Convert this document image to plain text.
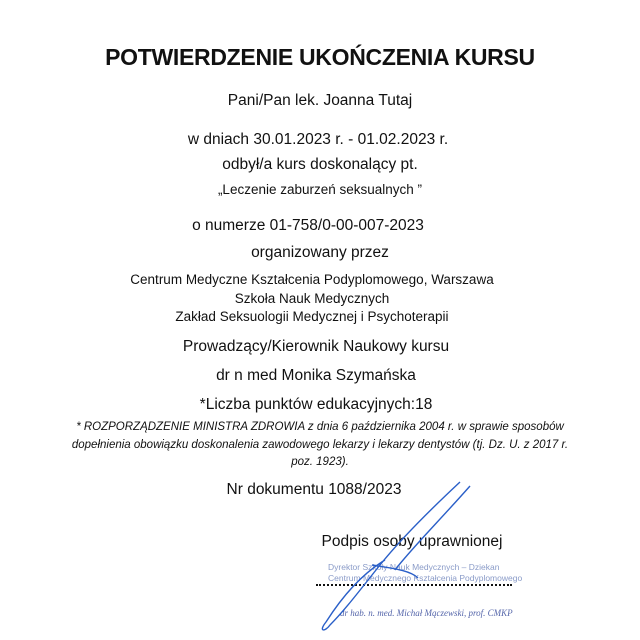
POTWIERDZENIE UKOŃCZENIA KURSU
Pani/Pan lek. Joanna Tutaj
w dniach 30.01.2023 r. - 01.02.2023 r.
odbył/a kurs doskonalący pt.
„Leczenie zaburzeń seksualnych ”
o numerze 01-758/0-00-007-2023
organizowany przez
Centrum Medyczne Kształcenia Podyplomowego, Warszawa
Szkoła Nauk Medycznych
Zakład Seksuologii Medycznej i Psychoterapii
Prowadzący/Kierownik Naukowy kursu
dr n med Monika Szymańska
*Liczba punktów edukacyjnych:18
* ROZPORZĄDZENIE MINISTRA ZDROWIA z dnia 6 października 2004 r. w sprawie sposobów
dopełnienia obowiązku doskonalenia zawodowego lekarzy i lekarzy dentystów (tj. Dz. U. z 2017 r.
poz. 1923).
Nr dokumentu 1088/2023
Podpis osoby uprawnionej
Dyrektor Szkoły Nauk Medycznych – Dziekan
Centrum Medycznego Kształcenia Podyplomowego
dr hab. n. med. Michał Mączewski, prof. CMKP
